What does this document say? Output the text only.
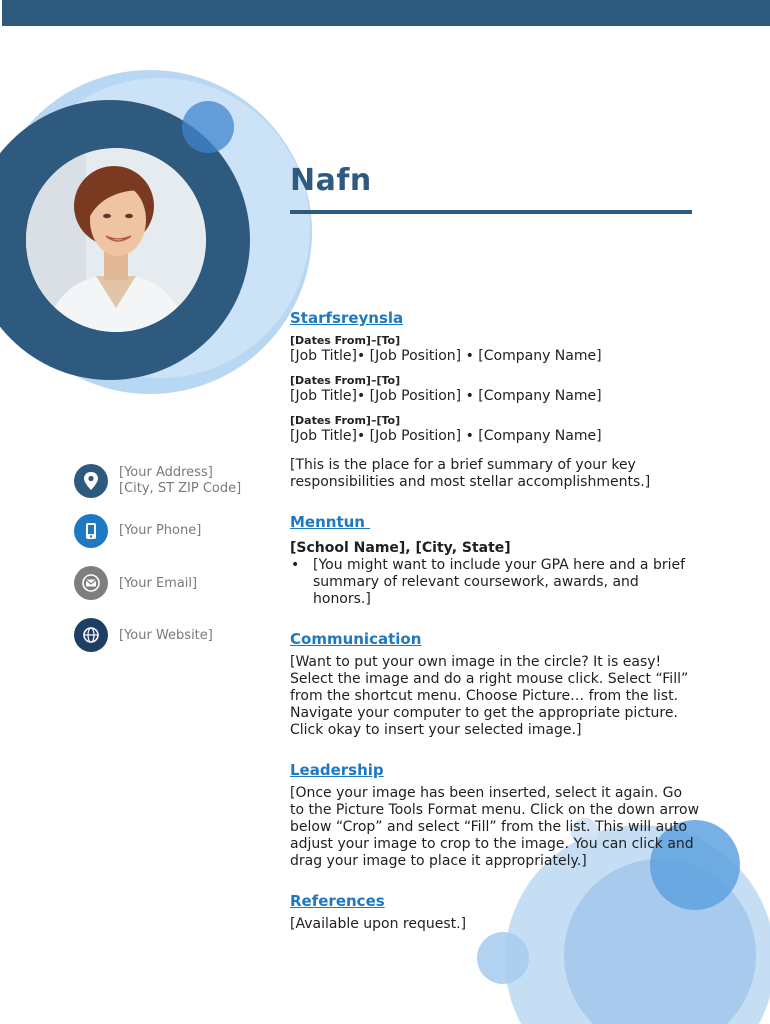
Nafn
[Your Address]
[City, ST ZIP Code]
[Your Phone]
[Your Email]
[Your Website]
Starfsreynsla
[Dates From]–[To]
[Job Title]• [Job Position] • [Company Name]
[Dates From]–[To]
[Job Title]• [Job Position] • [Company Name]
[Dates From]–[To]
[Job Title]• [Job Position] • [Company Name]
[This is the place for a brief summary of your key responsibilities and most stellar accomplishments.]
Menntun
[School Name], [City, State]
• [You might want to include your GPA here and a brief summary of relevant coursework, awards, and honors.]
Communication
[Want to put your own image in the circle? It is easy! Select the image and do a right mouse click. Select “Fill” from the shortcut menu. Choose Picture… from the list. Navigate your computer to get the appropriate picture. Click okay to insert your selected image.]
Leadership
[Once your image has been inserted, select it again. Go to the Picture Tools Format menu. Click on the down arrow below “Crop” and select “Fill” from the list. This will auto adjust your image to crop to the image. You can click and drag your image to place it appropriately.]
References
[Available upon request.]
